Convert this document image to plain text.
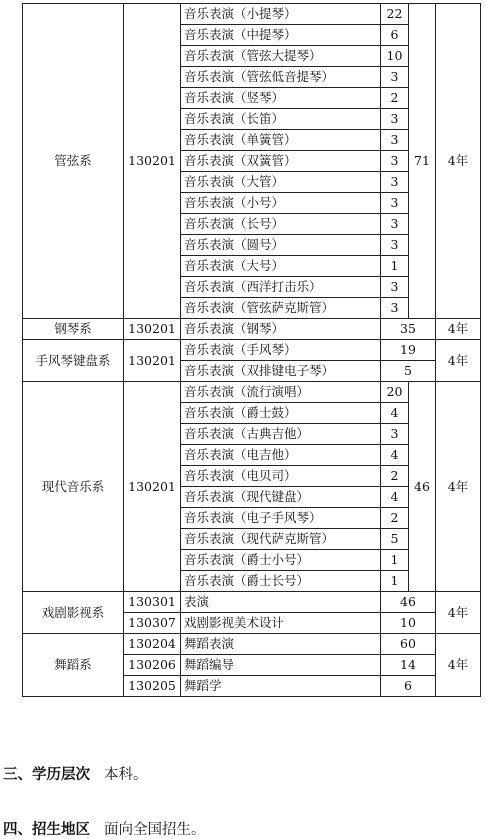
管弦系	130201	音乐表演（小提琴）	22	71	4年
		音乐表演（中提琴）	6		
		音乐表演（管弦大提琴）	10		
		音乐表演（管弦低音提琴）	3		
		音乐表演（竖琴）	2		
		音乐表演（长笛）	3		
		音乐表演（单簧管）	3		
		音乐表演（双簧管）	3		
		音乐表演（大管）	3		
		音乐表演（小号）	3		
		音乐表演（长号）	3		
		音乐表演（圆号）	3		
		音乐表演（大号）	1		
		音乐表演（西洋打击乐）	3		
		音乐表演（管弦萨克斯管）	3		
钢琴系	130201	音乐表演（钢琴）	35		4年
手风琴键盘系	130201	音乐表演（手风琴）	19		4年
		音乐表演（双排键电子琴）	5		
现代音乐系	130201	音乐表演（流行演唱）	20	46	4年
		音乐表演（爵士鼓）	4		
		音乐表演（古典吉他）	3		
		音乐表演（电吉他）	4		
		音乐表演（电贝司）	2		
		音乐表演（现代键盘）	4		
		音乐表演（电子手风琴）	2		
		音乐表演（现代萨克斯管）	5		
		音乐表演（爵士小号）	1		
		音乐表演（爵士长号）	1		
戏剧影视系	130301	表演	46		4年
	130307	戏剧影视美术设计	10		
舞蹈系	130204	舞蹈表演	60		4年
	130206	舞蹈编导	14		
	130205	舞蹈学	6		
三、学历层次 本科。
四、招生地区 面向全国招生。
